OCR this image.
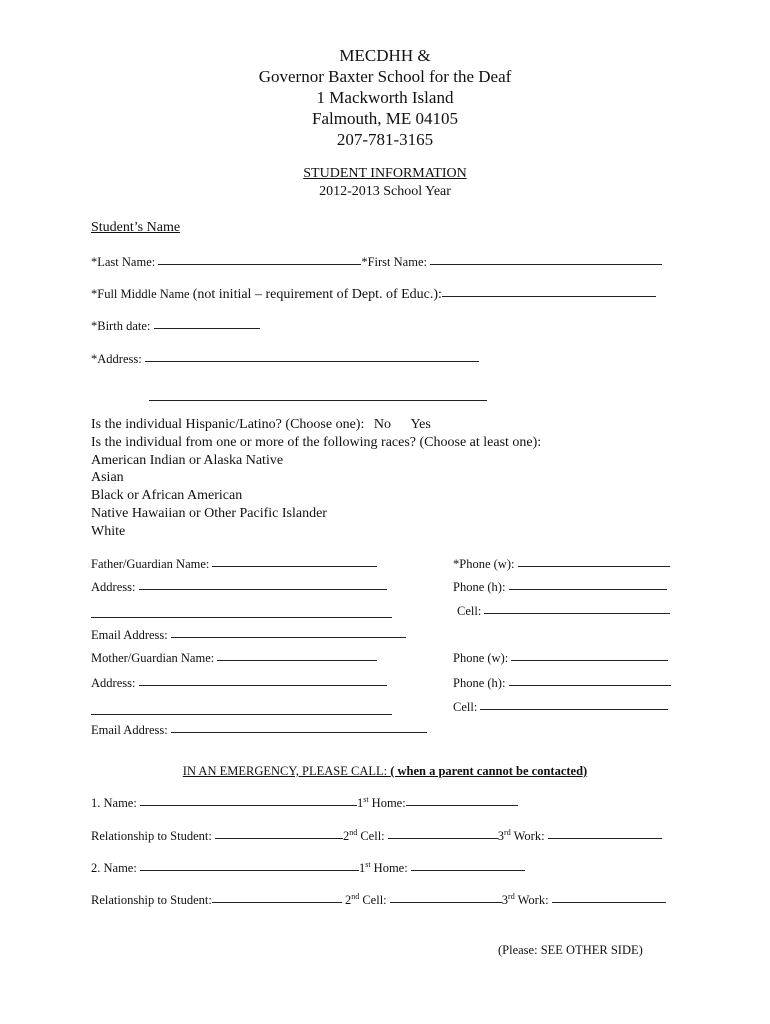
MECDHH &
Governor Baxter School for the Deaf
1 Mackworth Island
Falmouth, ME 04105
207-781-3165
STUDENT INFORMATION
2012-2013 School Year
Student’s Name
*Last Name:	*First Name:
*Full Middle Name (not initial – requirement of Dept. of Educ.):
*Birth date:
*Address:
Is the individual Hispanic/Latino? (Choose one): No Yes
Is the individual from one or more of the following races? (Choose at least one):
American Indian or Alaska Native
Asian
Black or African American
Native Hawaiian or Other Pacific Islander
White
Father/Guardian Name:	*Phone (w):
Address:	Phone (h):
Cell:
Email Address:
Mother/Guardian Name:	Phone (w):
Address:	Phone (h):
Cell:
Email Address:
IN AN EMERGENCY, PLEASE CALL: ( when a parent cannot be contacted)
1. Name:	1st Home:
Relationship to Student:	2nd Cell:	3rd Work:
2. Name:	1st Home:
Relationship to Student:	2nd Cell:	3rd Work:
(Please: SEE OTHER SIDE)
